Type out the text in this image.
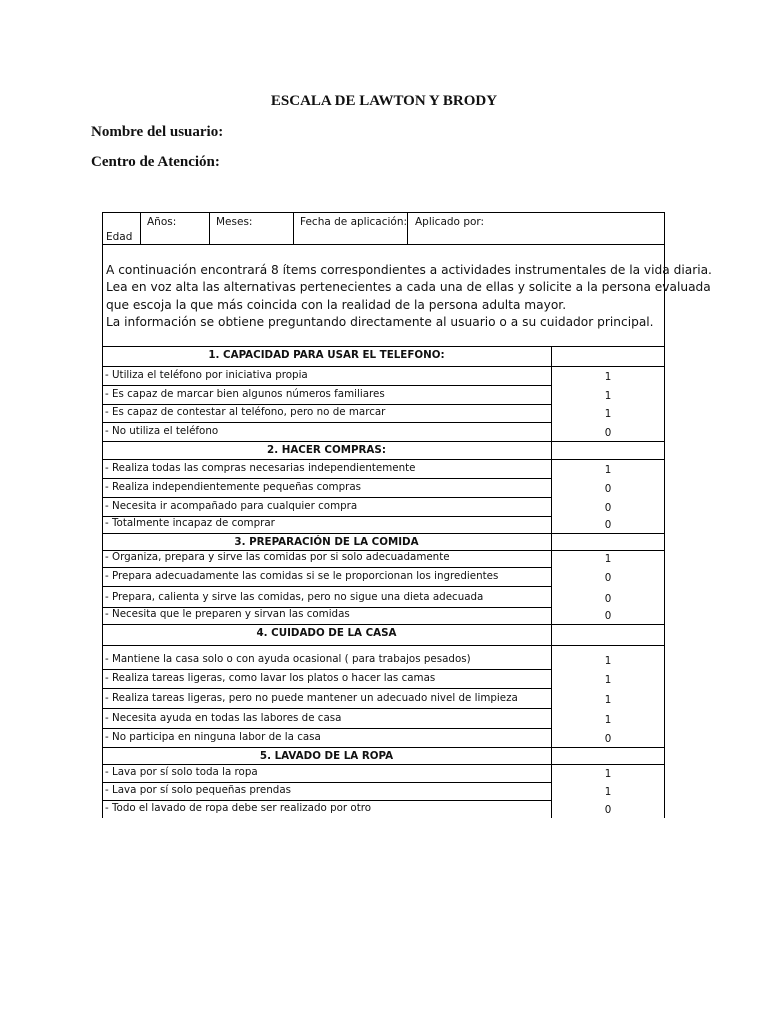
ESCALA DE LAWTON Y BRODY
Nombre del usuario:
Centro de Atención:
Edad
Años:	Meses:	Fecha de aplicación: Aplicado por:
A continuación encontrará 8 ítems correspondientes a actividades instrumentales de la vida diaria.
Lea en voz alta las alternativas pertenecientes a cada una de ellas y solicite a la persona evaluada
que escoja la que más coincida con la realidad de la persona adulta mayor.
La información se obtiene preguntando directamente al usuario o a su cuidador principal.
1. CAPACIDAD PARA USAR EL TELEFONO:
- Utiliza el teléfono por iniciativa propia	1
- Es capaz de marcar bien algunos números familiares	1
- Es capaz de contestar al teléfono, pero no de marcar	1
- No utiliza el teléfono	0
2. HACER COMPRAS:
- Realiza todas las compras necesarias independientemente	1
- Realiza independientemente pequeñas compras	0
- Necesita ir acompañado para cualquier compra	0
- Totalmente incapaz de comprar	0
3. PREPARACIÓN DE LA COMIDA
- Organiza, prepara y sirve las comidas por si solo adecuadamente	1
- Prepara adecuadamente las comidas si se le proporcionan los ingredientes	0
- Prepara, calienta y sirve las comidas, pero no sigue una dieta adecuada	0
- Necesita que le preparen y sirvan las comidas	0
4. CUIDADO DE LA CASA
- Mantiene la casa solo o con ayuda ocasional ( para trabajos pesados)	1
- Realiza tareas ligeras, como lavar los platos o hacer las camas	1
- Realiza tareas ligeras, pero no puede mantener un adecuado nivel de limpieza	1
- Necesita ayuda en todas las labores de casa	1
- No participa en ninguna labor de la casa	0
5. LAVADO DE LA ROPA
- Lava por sí solo toda la ropa	1
- Lava por sí solo pequeñas prendas	1
- Todo el lavado de ropa debe ser realizado por otro	0
